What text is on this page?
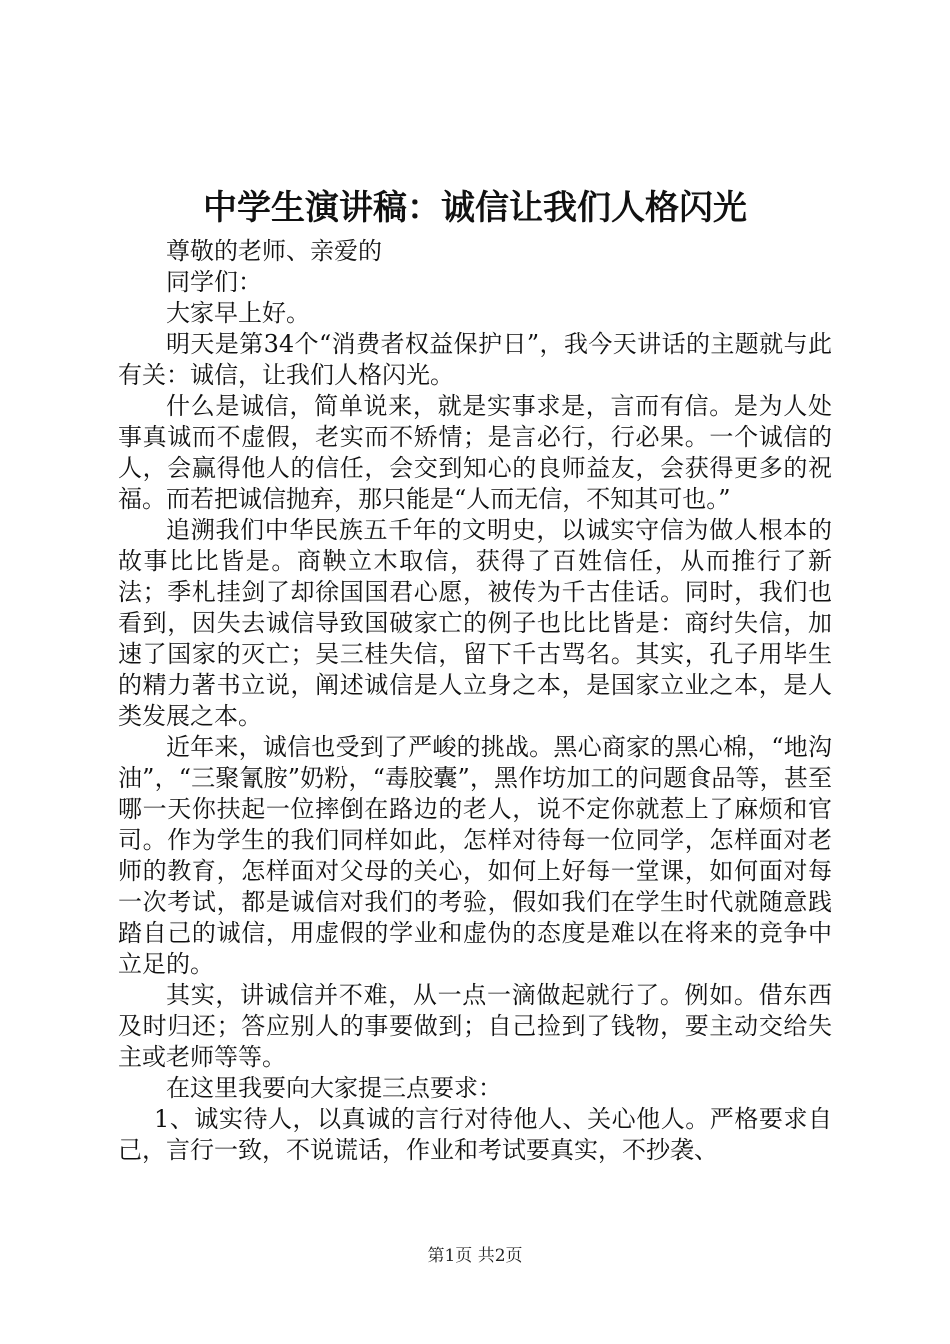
中学生演讲稿：诚信让我们人格闪光

尊敬的老师、亲爱的

同学们：

大家早上好。

明天是第34个“消费者权益保护日”，我今天讲话的主题就与此有关：诚信，让我们人格闪光。

什么是诚信，简单说来，就是实事求是，言而有信。是为人处事真诚而不虚假，老实而不矫情；是言必行，行必果。一个诚信的人，会赢得他人的信任，会交到知心的良师益友，会获得更多的祝福。而若把诚信抛弃，那只能是“人而无信，不知其可也。”

追溯我们中华民族五千年的文明史，以诚实守信为做人根本的故事比比皆是。商鞅立木取信，获得了百姓信任，从而推行了新法；季札挂剑了却徐国国君心愿，被传为千古佳话。同时，我们也看到，因失去诚信导致国破家亡的例子也比比皆是：商纣失信，加速了国家的灭亡；吴三桂失信，留下千古骂名。其实，孔子用毕生的精力著书立说，阐述诚信是人立身之本，是国家立业之本，是人类发展之本。

近年来，诚信也受到了严峻的挑战。黑心商家的黑心棉，“地沟油”，“三聚氰胺”奶粉，“毒胶囊”，黑作坊加工的问题食品等，甚至哪一天你扶起一位摔倒在路边的老人，说不定你就惹上了麻烦和官司。作为学生的我们同样如此，怎样对待每一位同学，怎样面对老师的教育，怎样面对父母的关心，如何上好每一堂课，如何面对每一次考试，都是诚信对我们的考验，假如我们在学生时代就随意践踏自己的诚信，用虚假的学业和虚伪的态度是难以在将来的竞争中立足的。

其实，讲诚信并不难，从一点一滴做起就行了。例如。借东西及时归还；答应别人的事要做到；自己捡到了钱物，要主动交给失主或老师等等。

在这里我要向大家提三点要求：

1、诚实待人，以真诚的言行对待他人、关心他人。严格要求自己，言行一致，不说谎话，作业和考试要真实，不抄袭、

第1页 共2页
